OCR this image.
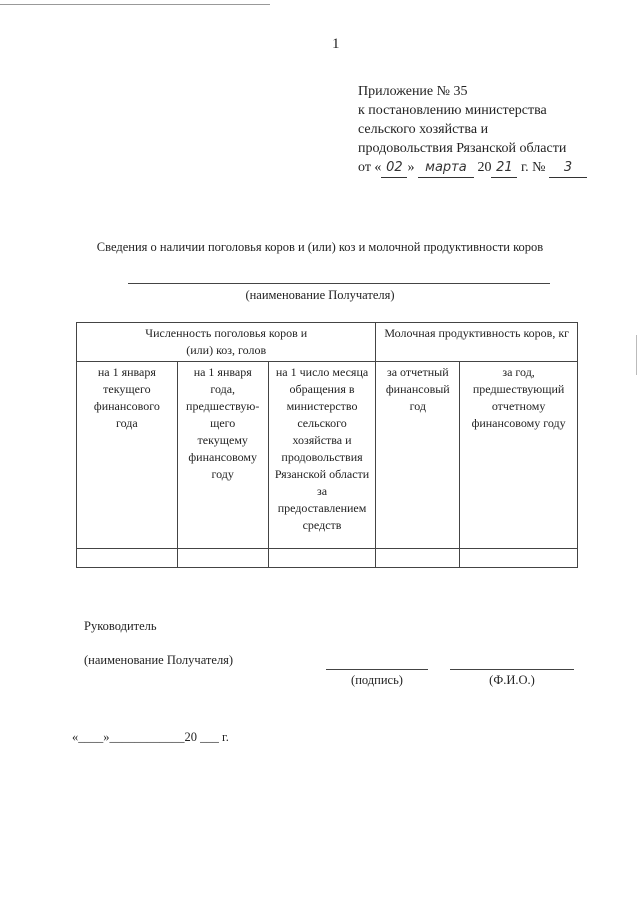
1
Приложение № 35
к постановлению министерства
сельского хозяйства и
продовольствия Рязанской области
от « 02 » марта 20 21 г. № 3
Сведения о наличии поголовья коров и (или) коз и молочной продуктивности коров
(наименование Получателя)
Численность поголовья коров и (или) коз, голов			Молочная продуктивность коров, кг	
на 1 января текущего финансового года	на 1 января года, предшествую-щего текущему финансовому году	на 1 число месяца обращения в министерство сельского хозяйства и продовольствия Рязанской области за предоставлением средств	за отчетный финансовый год	за год, предшествующий отчетному финансовому году

Руководитель
(наименование Получателя)
(подпись)	(Ф.И.О.)
«____»____________20 ___ г.
